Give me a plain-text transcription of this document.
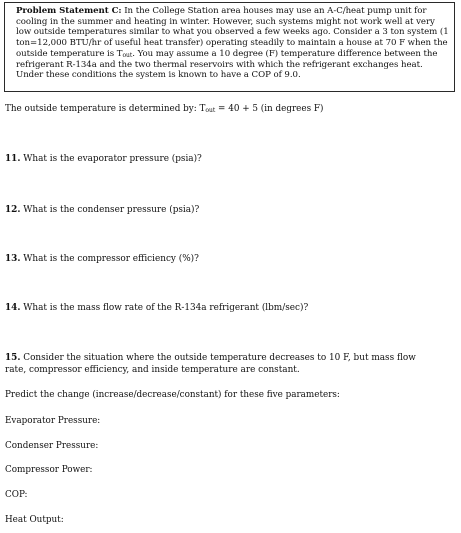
Problem Statement C: In the College Station area houses may use an A-C/heat pump unit for cooling in the summer and heating in winter. However, such systems might not work well at very low outside temperatures similar to what you observed a few weeks ago. Consider a 3 ton system (1 ton=12,000 BTU/hr of useful heat transfer) operating steadily to maintain a house at 70 F when the outside temperature is $T_{out}$. You may assume a 10 degree (F) temperature difference between the refrigerant R-134a and the two thermal reservoirs with which the refrigerant exchanges heat. Under these conditions the system is known to have a COP of 9.0.
The outside temperature is determined by: $T_{out} = 40 + 5$ (in degrees F)
11. What is the evaporator pressure (psia)?
12. What is the condenser pressure (psia)?
13. What is the compressor efficiency (%)?
14. What is the mass flow rate of the R-134a refrigerant (lbm/sec)?
15. Consider the situation where the outside temperature decreases to 10 F, but mass flow
rate, compressor efficiency, and inside temperature are constant.
Predict the change (increase/decrease/constant) for these five parameters:
Evaporator Pressure:
Condenser Pressure:
Compressor Power:
COP:
Heat Output:
